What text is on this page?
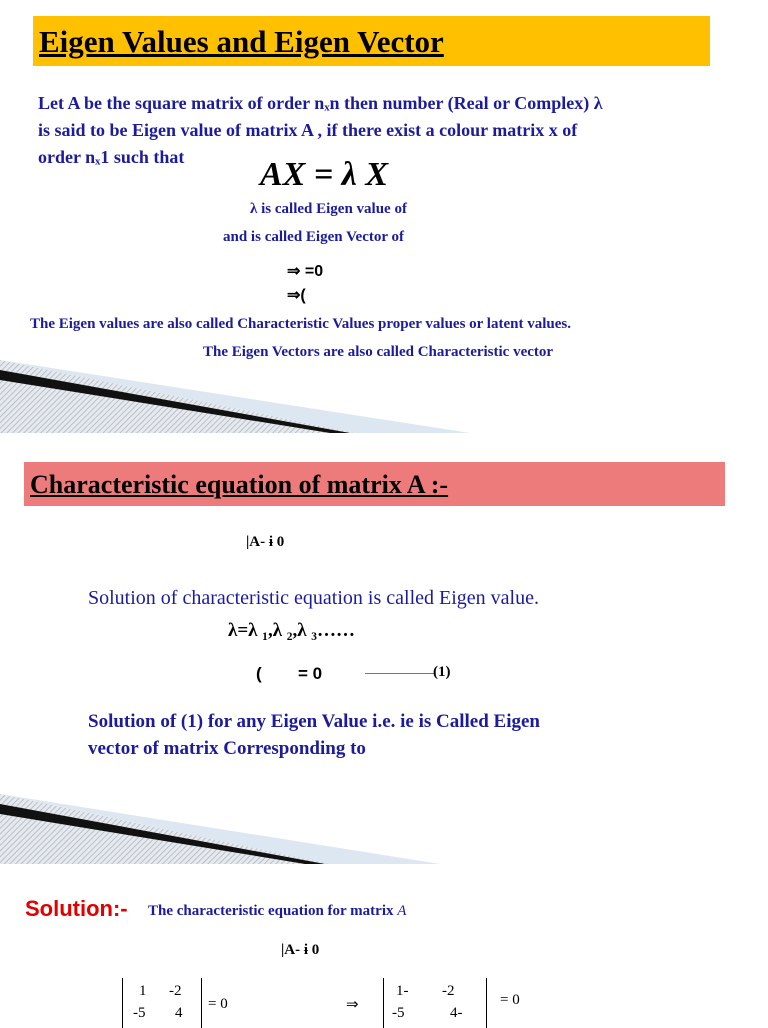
Eigen Values and Eigen Vector
Let A be the square matrix of order nₓn then number (Real or Complex) λ
is said to be Eigen value of matrix A , if there exist a colour matrix x of
order nₓ1 such that AX = λ X
λ is called Eigen value of
and is called Eigen Vector of
⇒ =0
⇒(
The Eigen values are also called Characteristic Values proper values or latent values.
The Eigen Vectors are also called Characteristic vector
Characteristic equation of matrix A :-
|A- ɨ 0
Solution of characteristic equation is called Eigen value.
λ=λ ₁,λ ₂,λ ₃……
( = 0	(1)
Solution of (1) for any Eigen Value i.e. ie is Called Eigen
vector of matrix Corresponding to
Solution:- The characteristic equation for matrix A
|A- ɨ 0
1 -2
-5 4
= 0	⇒
1- -2
-5	4-
= 0
